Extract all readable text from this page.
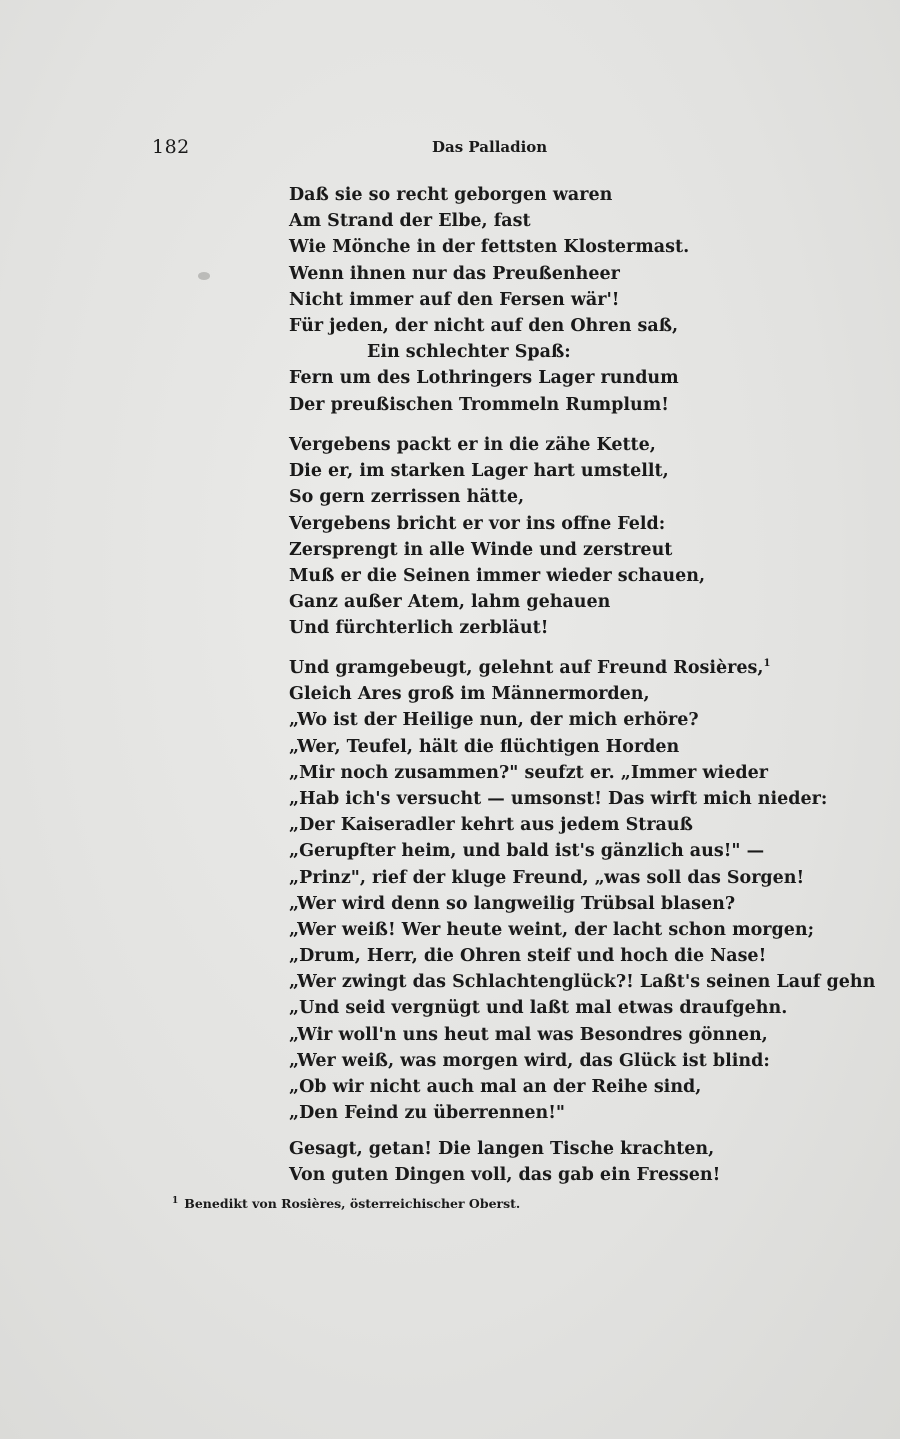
182	Das Palladion
Daß sie so recht geborgen waren
Am Strand der Elbe, fast
Wie Mönche in der fettsten Klostermast.
Wenn ihnen nur das Preußenheer
Nicht immer auf den Fersen wär'!
Für jeden, der nicht auf den Ohren saß,
Ein schlechter Spaß:
Fern um des Lothringers Lager rundum
Der preußischen Trommeln Rumplum!
Vergebens packt er in die zähe Kette,
Die er, im starken Lager hart umstellt,
So gern zerrissen hätte,
Vergebens bricht er vor ins offne Feld:
Zersprengt in alle Winde und zerstreut
Muß er die Seinen immer wieder schauen,
Ganz außer Atem, lahm gehauen
Und fürchterlich zerbläut!
Und gramgebeugt, gelehnt auf Freund Rosières,$^1$
Gleich Ares groß im Männermorden,
„Wo ist der Heilige nun, der mich erhöre?
„Wer, Teufel, hält die flüchtigen Horden
„Mir noch zusammen?" seufzt er. „Immer wieder
„Hab ich's versucht — umsonst! Das wirft mich nieder:
„Der Kaiseradler kehrt aus jedem Strauß
„Gerupfter heim, und bald ist's gänzlich aus!" —
„Prinz", rief der kluge Freund, „was soll das Sorgen!
„Wer wird denn so langweilig Trübsal blasen?
„Wer weiß! Wer heute weint, der lacht schon morgen;
„Drum, Herr, die Ohren steif und hoch die Nase!
„Wer zwingt das Schlachtenglück?! Laßt's seinen Lauf gehn
„Und seid vergnügt und laßt mal etwas draufgehn.
„Wir woll'n uns heut mal was Besondres gönnen,
„Wer weiß, was morgen wird, das Glück ist blind:
„Ob wir nicht auch mal an der Reihe sind,
„Den Feind zu überrennen!"
Gesagt, getan! Die langen Tische krachten,
Von guten Dingen voll, das gab ein Fressen!
$^1$ Benedikt von Rosières, österreichischer Oberst.
